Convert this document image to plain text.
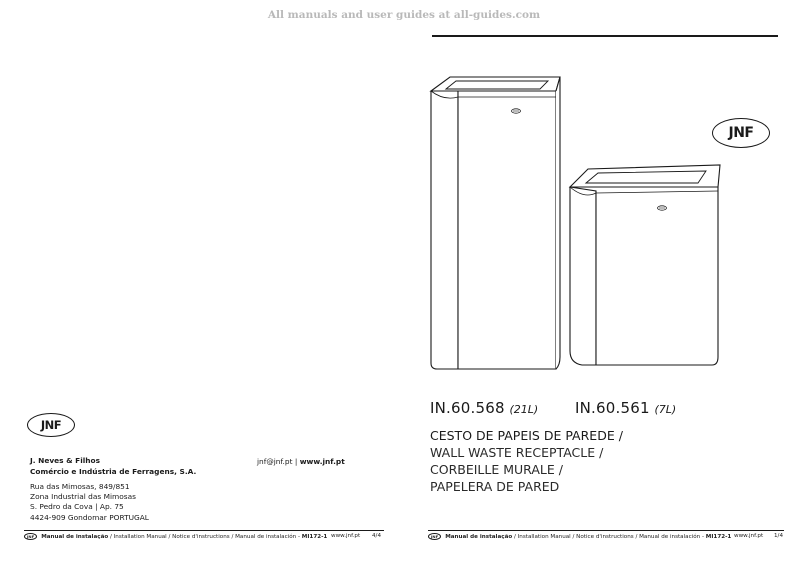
All manuals and user guides at all-guides.com
JNF
JNF
J. Neves & Filhos
Comércio e Indústria de Ferragens, S.A.
Rua das Mimosas, 849/851
Zona Industrial das Mimosas
S. Pedro da Cova | Ap. 75
4424-909 Gondomar PORTUGAL
jnf@jnf.pt | www.jnf.pt
IN.60.568 (21L) IN.60.561 (7L)
CESTO DE PAPEIS DE PAREDE /
WALL WASTE RECEPTACLE /
CORBEILLE MURALE /
PAPELERA DE PARED
JNF Manual de instalação / Installation Manual / Notice d'instructions / Manual de instalación - MI172-1 www.jnf.pt 4/4	JNF Manual de instalação / Installation Manual / Notice d'instructions / Manual de instalación - MI172-1 www.jnf.pt 1/4
